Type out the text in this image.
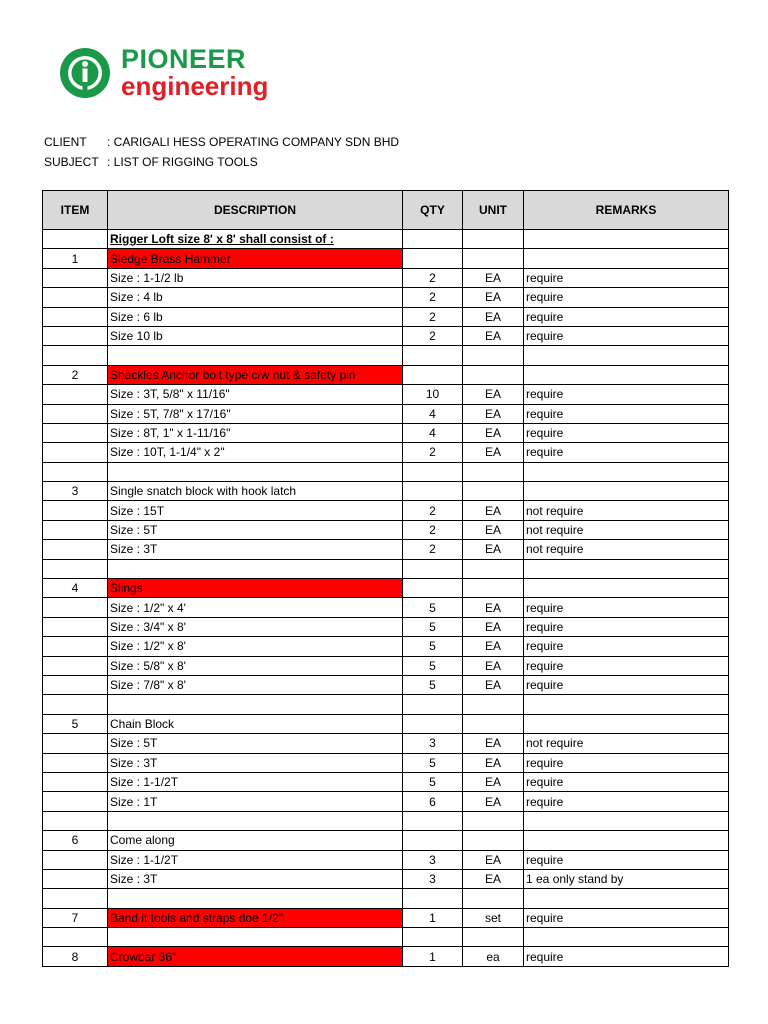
PIONEER
engineering
CLIENT : CARIGALI HESS OPERATING COMPANY SDN BHD
SUBJECT : LIST OF RIGGING TOOLS
ITEM	DESCRIPTION	QTY	UNIT	REMARKS
	Rigger Loft size 8' x 8' shall consist of :			
1	Sledge Brass Hammer			
	Size : 1-1/2 lb	2	EA	require
	Size : 4 lb	2	EA	require
	Size : 6 lb	2	EA	require
	Size 10 lb	2	EA	require

2	Shackles Anchor bolt type c/w nut & safety pin			
	Size : 3T, 5/8" x 11/16"	10	EA	require
	Size : 5T, 7/8" x 17/16"	4	EA	require
	Size : 8T, 1" x 1-11/16"	4	EA	require
	Size : 10T, 1-1/4" x 2"	2	EA	require

3	Single snatch block with hook latch			
	Size : 15T	2	EA	not require
	Size : 5T	2	EA	not require
	Size : 3T	2	EA	not require

4	Slings			
	Size : 1/2" x 4'	5	EA	require
	Size : 3/4" x 8'	5	EA	require
	Size : 1/2" x 8'	5	EA	require
	Size : 5/8" x 8'	5	EA	require
	Size : 7/8" x 8'	5	EA	require

5	Chain Block			
	Size : 5T	3	EA	not require
	Size : 3T	5	EA	require
	Size : 1-1/2T	5	EA	require
	Size : 1T	6	EA	require

6	Come along			
	Size : 1-1/2T	3	EA	require
	Size : 3T	3	EA	1 ea only stand by

7	Band it tools and straps doe 1/2"	1	set	require

8	Crowbar 36"	1	ea	require
